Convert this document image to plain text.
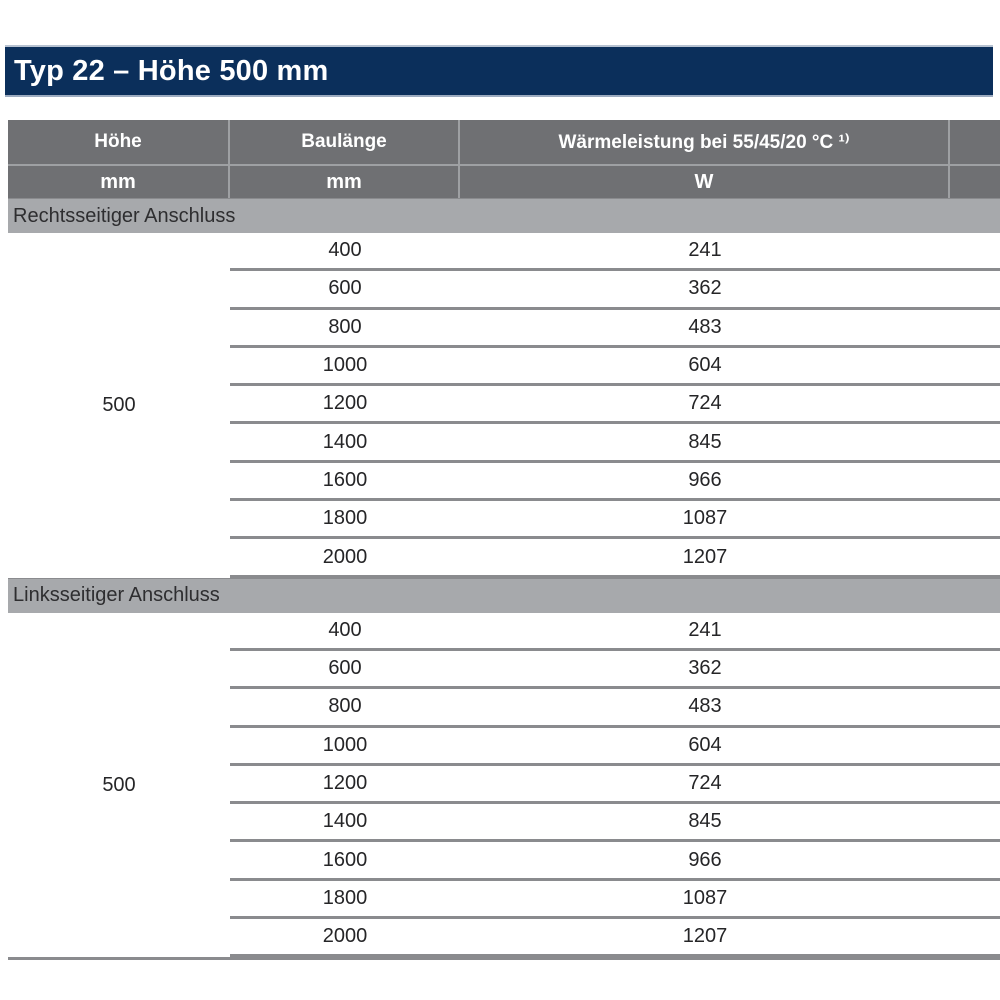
Typ 22 – Höhe 500 mm
Höhe	Baulänge	Wärmeleistung bei 55/45/20 °C ¹⁾
mm	mm	W
Rechtsseitiger Anschluss
500
400	241
600	362
800	483
1000	604
1200	724
1400	845
1600	966
1800	1087
2000	1207
Linksseitiger Anschluss
500
400	241
600	362
800	483
1000	604
1200	724
1400	845
1600	966
1800	1087
2000	1207
